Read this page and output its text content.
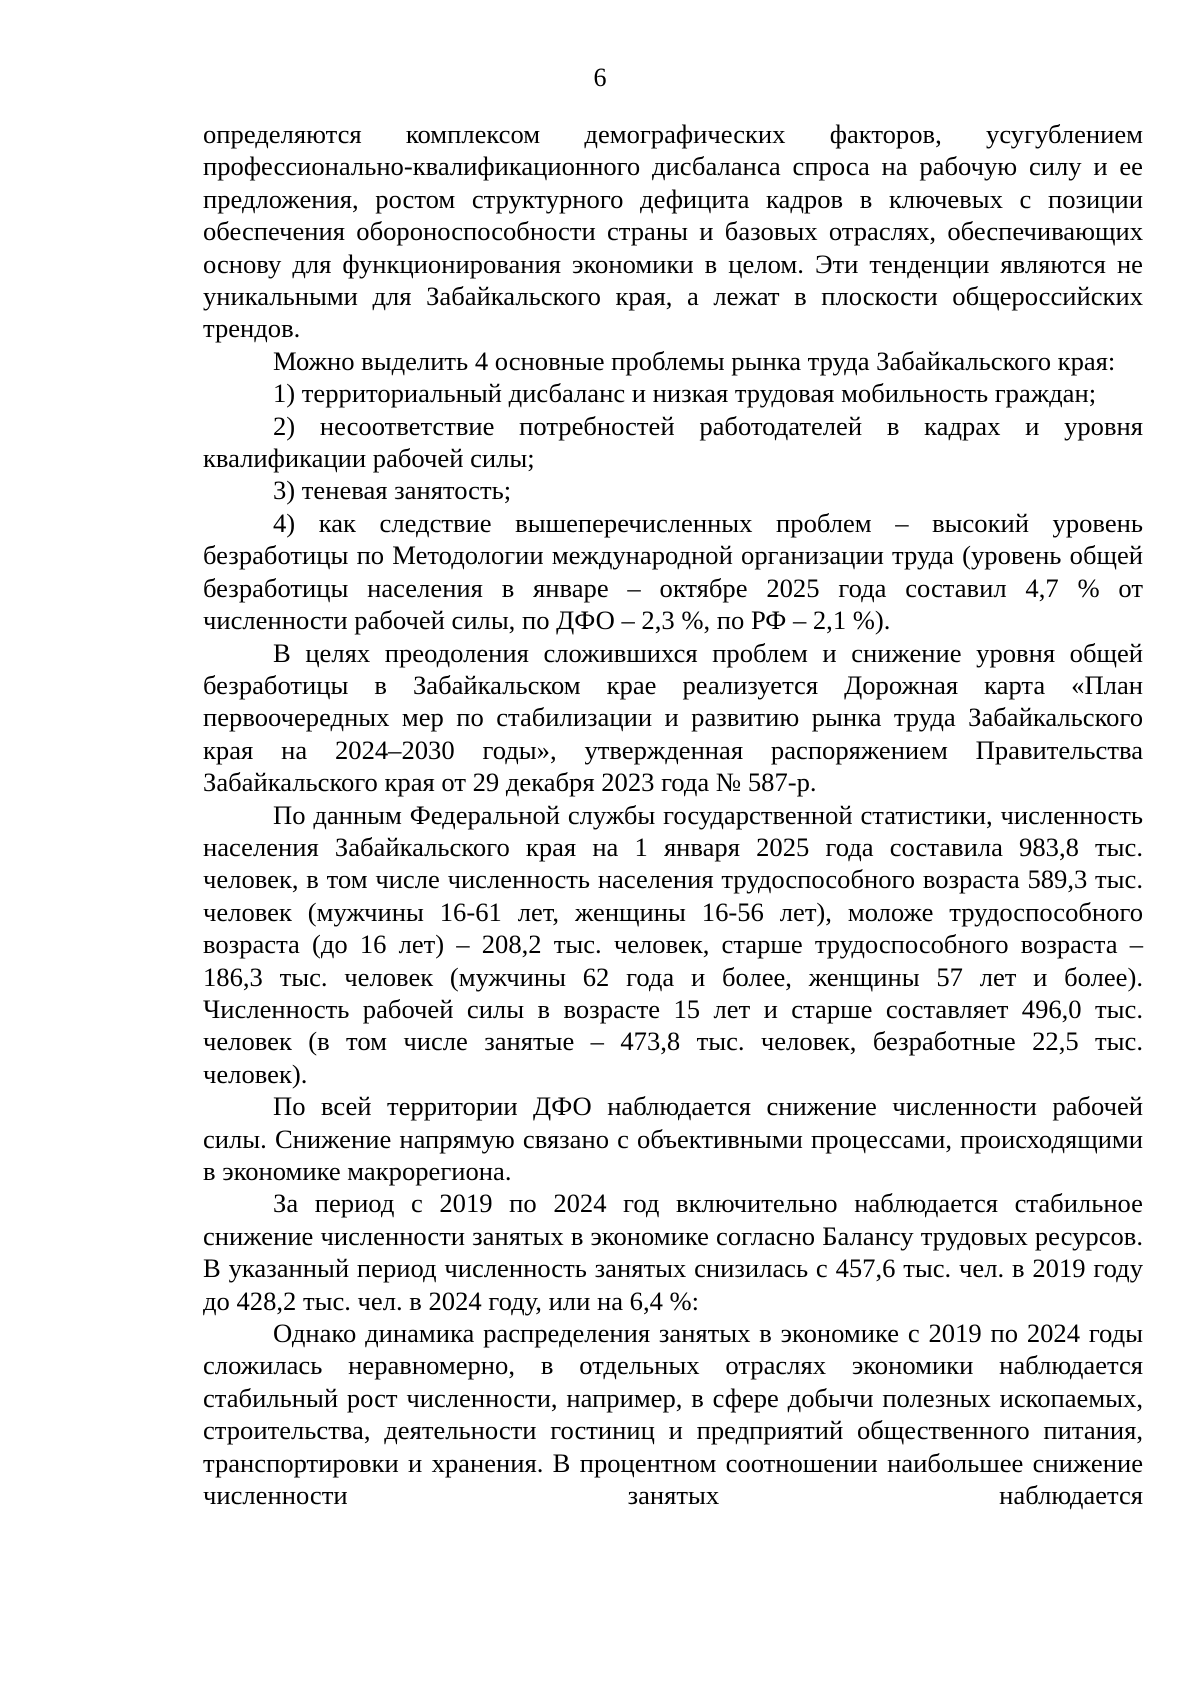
6

определяются комплексом демографических факторов, усугублением профессионально-квалификационного дисбаланса спроса на рабочую силу и ее предложения, ростом структурного дефицита кадров в ключевых с позиции обеспечения обороноспособности страны и базовых отраслях, обеспечивающих основу для функционирования экономики в целом. Эти тенденции являются не уникальными для Забайкальского края, а лежат в плоскости общероссийских трендов.

Можно выделить 4 основные проблемы рынка труда Забайкальского края:

1) территориальный дисбаланс и низкая трудовая мобильность граждан;

2) несоответствие потребностей работодателей в кадрах и уровня квалификации рабочей силы;

3) теневая занятость;

4) как следствие вышеперечисленных проблем – высокий уровень безработицы по Методологии международной организации труда (уровень общей безработицы населения в январе – октябре 2025 года составил 4,7 % от численности рабочей силы, по ДФО – 2,3 %, по РФ – 2,1 %).

В целях преодоления сложившихся проблем и снижение уровня общей безработицы в Забайкальском крае реализуется Дорожная карта «План первоочередных мер по стабилизации и развитию рынка труда Забайкальского края на 2024–2030 годы», утвержденная распоряжением Правительства Забайкальского края от 29 декабря 2023 года № 587-р.

По данным Федеральной службы государственной статистики, численность населения Забайкальского края на 1 января 2025 года составила 983,8 тыс. человек, в том числе численность населения трудоспособного возраста 589,3 тыс. человек (мужчины 16-61 лет, женщины 16-56 лет), моложе трудоспособного возраста (до 16 лет) – 208,2 тыс. человек, старше трудоспособного возраста – 186,3 тыс. человек (мужчины 62 года и более, женщины 57 лет и более). Численность рабочей силы в возрасте 15 лет и старше составляет 496,0 тыс. человек (в том числе занятые – 473,8 тыс. человек, безработные 22,5 тыс. человек).

По всей территории ДФО наблюдается снижение численности рабочей силы. Снижение напрямую связано с объективными процессами, происходящими в экономике макрорегиона.

За период с 2019 по 2024 год включительно наблюдается стабильное снижение численности занятых в экономике согласно Балансу трудовых ресурсов. В указанный период численность занятых снизилась с 457,6 тыс. чел. в 2019 году до 428,2 тыс. чел. в 2024 году, или на 6,4 %:

Однако динамика распределения занятых в экономике с 2019 по 2024 годы сложилась неравномерно, в отдельных отраслях экономики наблюдается стабильный рост численности, например, в сфере добычи полезных ископаемых, строительства, деятельности гостиниц и предприятий общественного питания, транспортировки и хранения. В процентном соотношении наибольшее снижение численности занятых наблюдается
